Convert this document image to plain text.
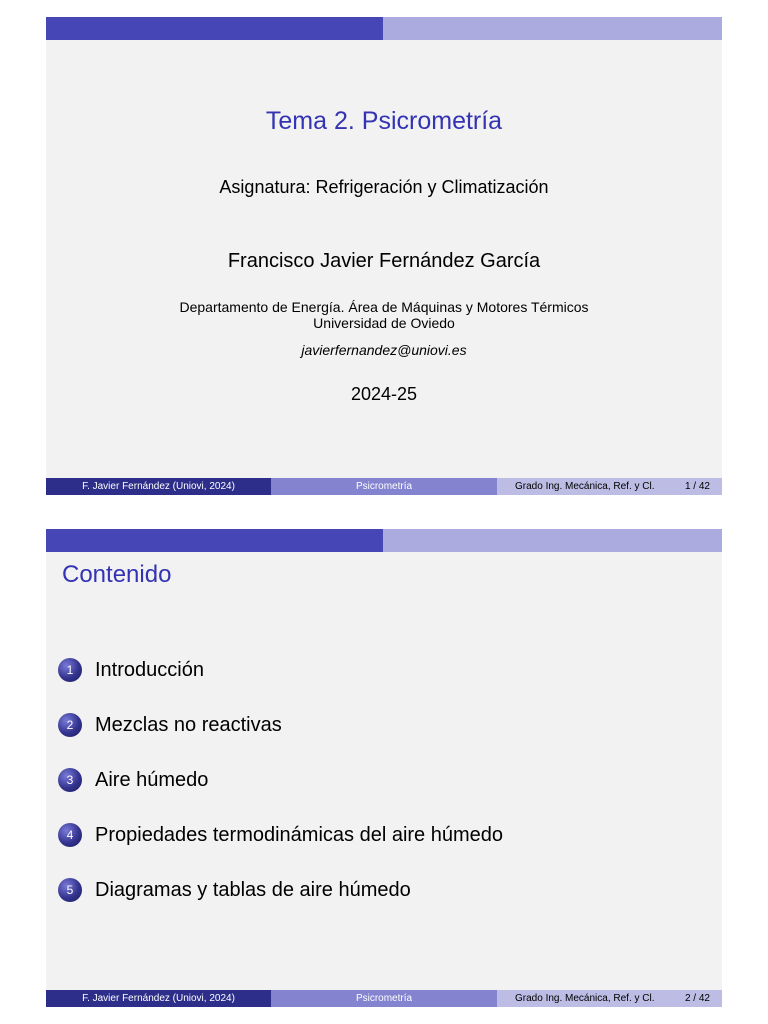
Tema 2. Psicrometría
Asignatura: Refrigeración y Climatización
Francisco Javier Fernández García
Departamento de Energía. Área de Máquinas y Motores Térmicos
Universidad de Oviedo
javierfernandez@uniovi.es
2024-25
F. Javier Fernández (Uniovi, 2024)	Psicrometría	Grado Ing. Mecánica, Ref. y Cl.	1 / 42
Contenido
1	Introducción
2	Mezclas no reactivas
3	Aire húmedo
4	Propiedades termodinámicas del aire húmedo
5	Diagramas y tablas de aire húmedo
F. Javier Fernández (Uniovi, 2024)	Psicrometría	Grado Ing. Mecánica, Ref. y Cl.	2 / 42
